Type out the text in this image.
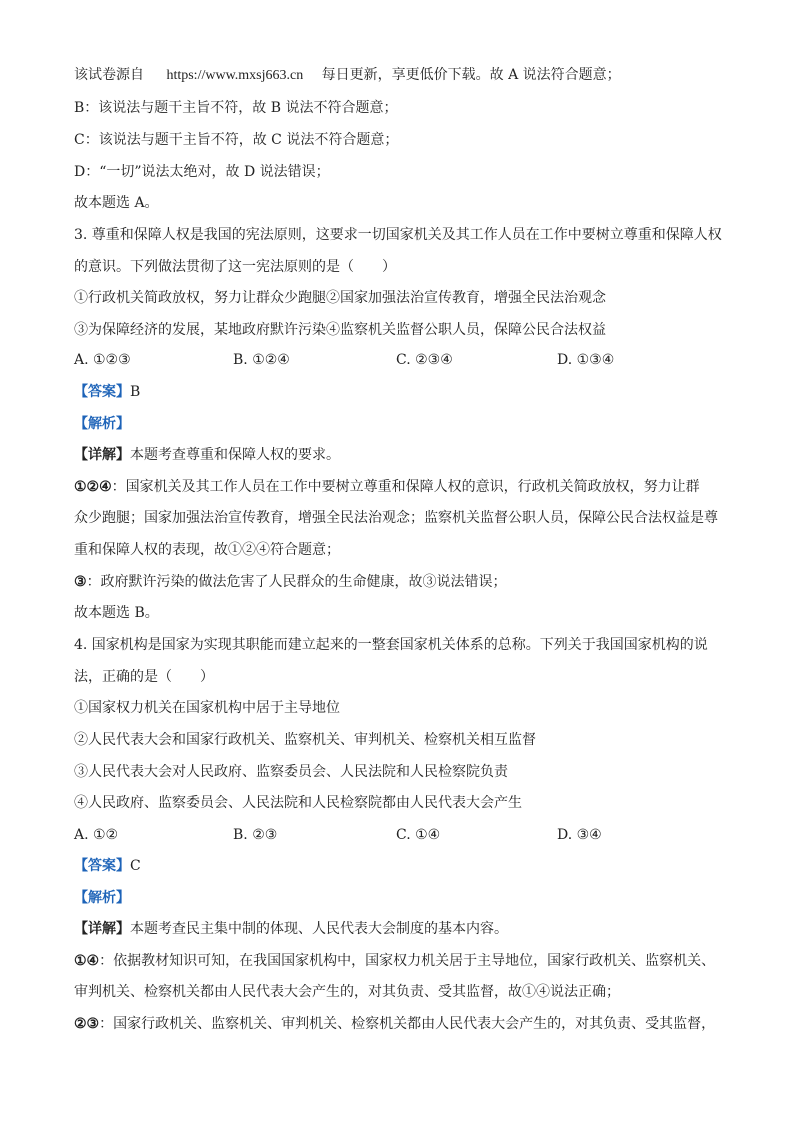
该试卷源自 https://www.mxsj663.cn 每日更新，享更低价下载。故 A 说法符合题意；
B：该说法与题干主旨不符，故 B 说法不符合题意；
C：该说法与题干主旨不符，故 C 说法不符合题意；
D：“一切”说法太绝对，故 D 说法错误；
故本题选 A。
3. 尊重和保障人权是我国的宪法原则，这要求一切国家机关及其工作人员在工作中要树立尊重和保障人权
的意识。下列做法贯彻了这一宪法原则的是（　　）
①行政机关简政放权，努力让群众少跑腿②国家加强法治宣传教育，增强全民法治观念
③为保障经济的发展，某地政府默许污染④监察机关监督公职人员，保障公民合法权益
A. ①②③	B. ①②④	C. ②③④	D. ①③④
【答案】B
【解析】
【详解】本题考查尊重和保障人权的要求。
①②④：国家机关及其工作人员在工作中要树立尊重和保障人权的意识，行政机关简政放权，努力让群
众少跑腿；国家加强法治宣传教育，增强全民法治观念；监察机关监督公职人员，保障公民合法权益是尊
重和保障人权的表现，故①②④符合题意；
③：政府默许污染的做法危害了人民群众的生命健康，故③说法错误；
故本题选 B。
4. 国家机构是国家为实现其职能而建立起来的一整套国家机关体系的总称。下列关于我国国家机构的说
法，正确的是（　　）
①国家权力机关在国家机构中居于主导地位
②人民代表大会和国家行政机关、监察机关、审判机关、检察机关相互监督
③人民代表大会对人民政府、监察委员会、人民法院和人民检察院负责
④人民政府、监察委员会、人民法院和人民检察院都由人民代表大会产生
A. ①②	B. ②③	C. ①④	D. ③④
【答案】C
【解析】
【详解】本题考查民主集中制的体现、人民代表大会制度的基本内容。
①④：依据教材知识可知，在我国国家机构中，国家权力机关居于主导地位，国家行政机关、监察机关、
审判机关、检察机关都由人民代表大会产生的，对其负责、受其监督，故①④说法正确；
②③：国家行政机关、监察机关、审判机关、检察机关都由人民代表大会产生的，对其负责、受其监督，
